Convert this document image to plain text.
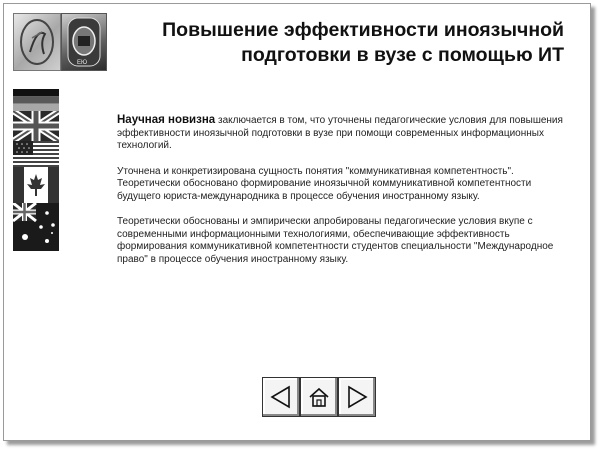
ЕЮ
Повышение эффективности иноязычной
подготовки в вузе с помощью ИТ

Научная новизна заключается в том, что уточнены педагогические условия для повышения эффективности иноязычной подготовки в вузе при помощи современных информационных технологий.

Уточнена и конкретизирована сущность понятия "коммуникативная компетентность". Теоретически обосновано формирование иноязычной коммуникативной компетентности будущего юриста-международника в процессе обучения иностранному языку.

Теоретически обоснованы и эмпирически апробированы педагогические условия вкупе с современными информационными технологиями, обеспечивающие эффективность формирования коммуникативной компетентности студентов специальности "Международное право" в процессе обучения иностранному языку.
